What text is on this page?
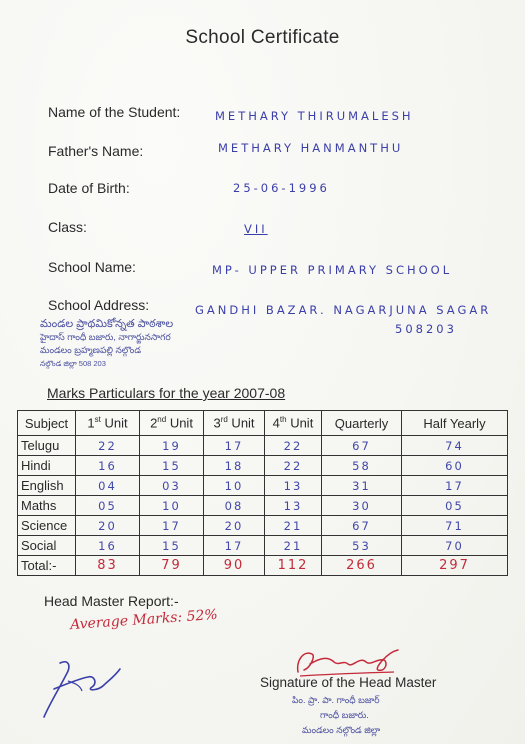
School Certificate
Name of the Student:	METHARY THIRUMALESH
Father's Name:	METHARY HANMANTHU
Date of Birth:	25-06-1996
Class:	VII
School Name:	MP- UPPER PRIMARY SCHOOL
School Address:	GANDHI BAZAR. NAGARJUNA SAGAR
508203
మండల ప్రాథమికోన్నత పాఠశాల
హైదాస్ గాంధీ బజారు, నాగార్జునసాగర
మండలం బ్రహ్మణపల్లి నల్గొండ
నల్గొండ జిల్లా 508 203
Marks Particulars for the year 2007-08
Subject	1st Unit	2nd Unit	3rd Unit	4th Unit	Quarterly	Half Yearly
Telugu	22	19	17	22	67	74
Hindi	16	15	18	22	58	60
English	04	03	10	13	31	17
Maths	05	10	08	13	30	05
Science	20	17	20	21	67	71
Social	16	15	17	21	53	70
Total:-	83	79	90	112	266	297
Head Master Report:-
Average Marks: 52%
Signature of the Head Master
పిం. ప్రా. పా. గాంధీ బజార్
గాంధీ బజారు.
మండలం నల్గొండ జిల్లా
